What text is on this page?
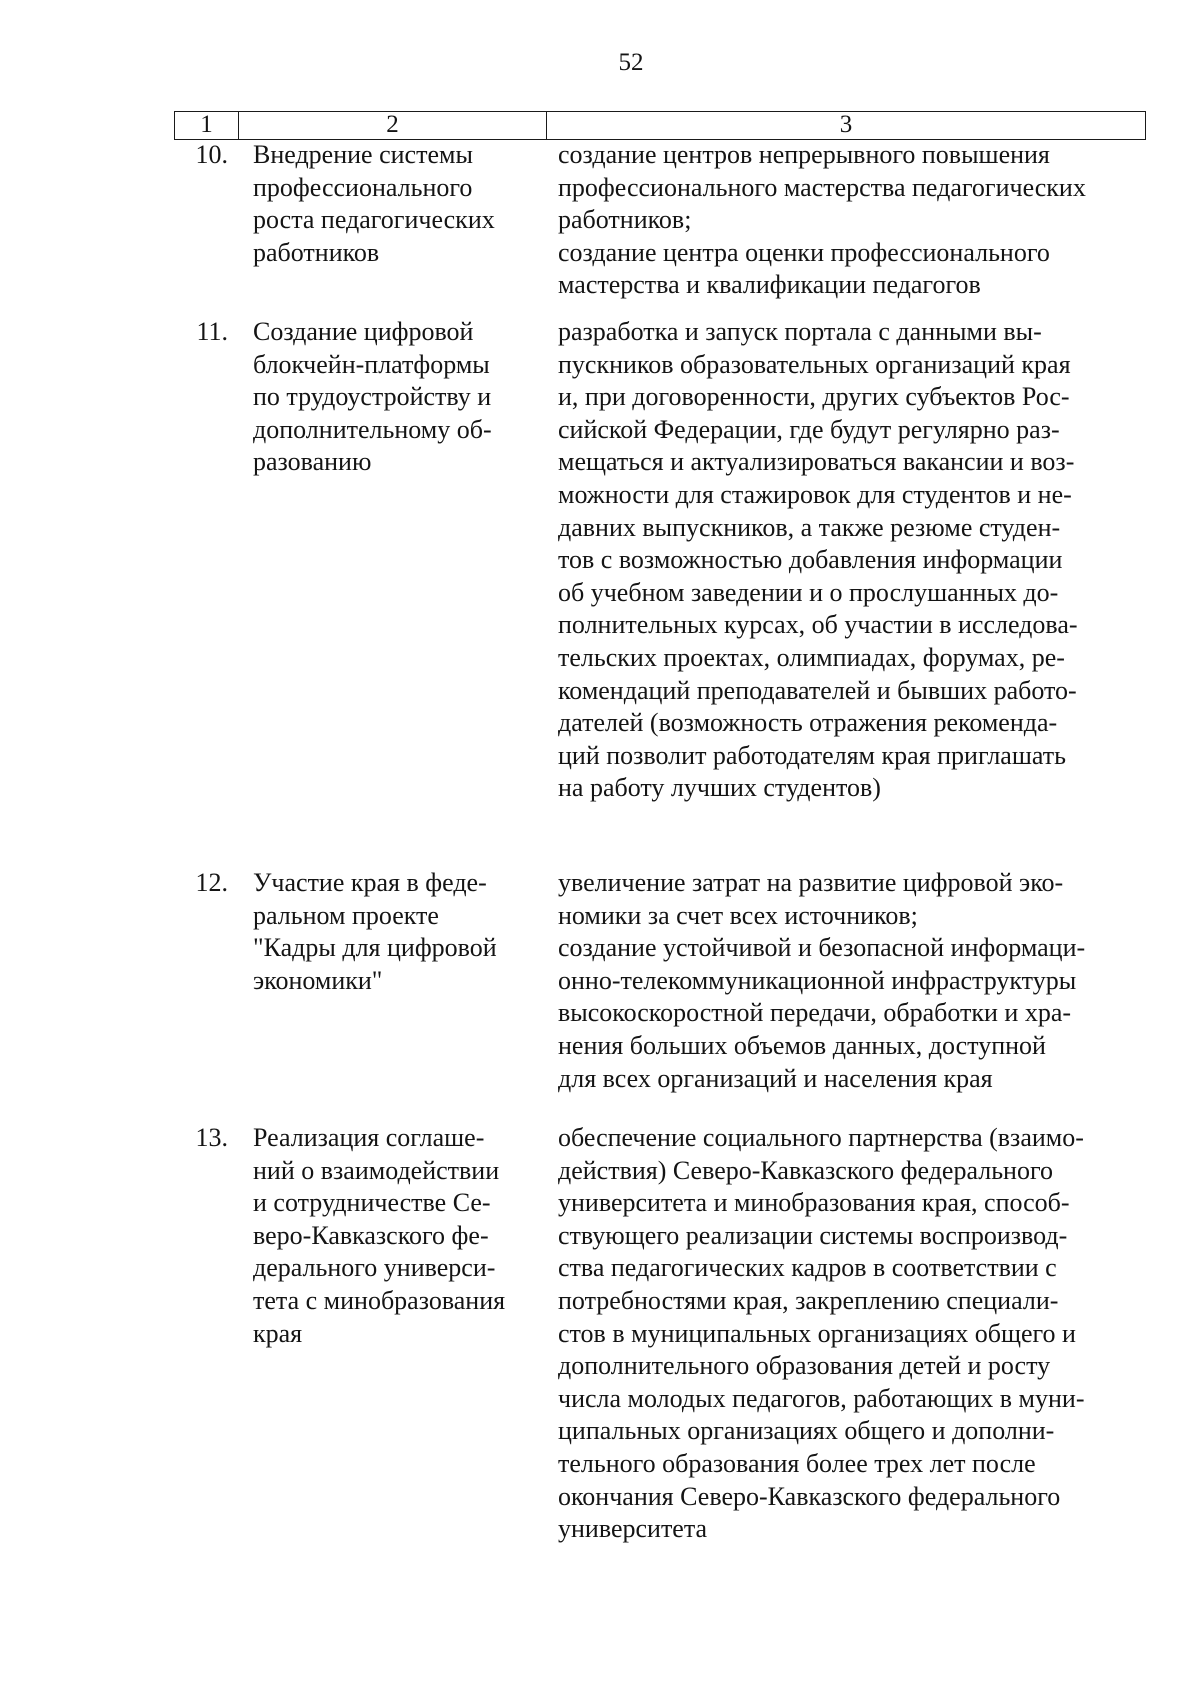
52
1	2	3
10. Внедрение системы
профессионального
роста педагогических
работников
создание центров непрерывного повышения
профессионального мастерства педагогических
работников;
создание центра оценки профессионального
мастерства и квалификации педагогов
11. Создание цифровой
блокчейн-платформы
по трудоустройству и
дополнительному об-
разованию
разработка и запуск портала с данными вы-
пускников образовательных организаций края
и, при договоренности, других субъектов Рос-
сийской Федерации, где будут регулярно раз-
мещаться и актуализироваться вакансии и воз-
можности для стажировок для студентов и не-
давних выпускников, а также резюме студен-
тов с возможностью добавления информации
об учебном заведении и о прослушанных до-
полнительных курсах, об участии в исследова-
тельских проектах, олимпиадах, форумах, ре-
комендаций преподавателей и бывших работо-
дателей (возможность отражения рекоменда-
ций позволит работодателям края приглашать
на работу лучших студентов)
12. Участие края в феде-
ральном проекте
"Кадры для цифровой
экономики"
увеличение затрат на развитие цифровой эко-
номики за счет всех источников;
создание устойчивой и безопасной информаци-
онно-телекоммуникационной инфраструктуры
высокоскоростной передачи, обработки и хра-
нения больших объемов данных, доступной
для всех организаций и населения края
13. Реализация соглаше-
ний о взаимодействии
и сотрудничестве Се-
веро-Кавказского фе-
дерального универси-
тета с минобразования
края
обеспечение социального партнерства (взаимо-
действия) Северо-Кавказского федерального
университета и минобразования края, способ-
ствующего реализации системы воспроизвод-
ства педагогических кадров в соответствии с
потребностями края, закреплению специали-
стов в муниципальных организациях общего и
дополнительного образования детей и росту
числа молодых педагогов, работающих в муни-
ципальных организациях общего и дополни-
тельного образования более трех лет после
окончания Северо-Кавказского федерального
университета
